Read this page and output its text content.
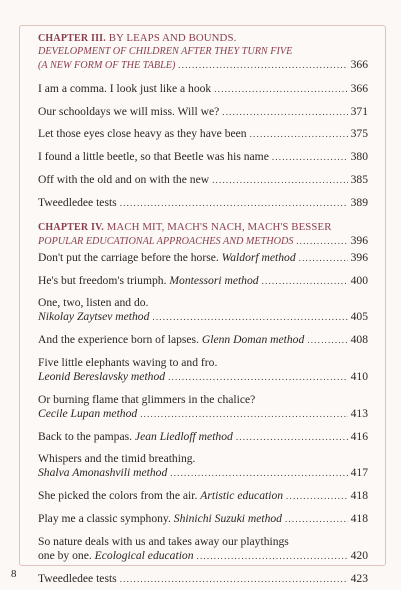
CHAPTER III. BY LEAPS AND BOUNDS.
DEVELOPMENT OF CHILDREN AFTER THEY TURN FIVE
(A NEW FORM OF THE TABLE) .....	366
I am a comma. I look just like a hook .....	366
Our schooldays we will miss. Will we? .....	371
Let those eyes close heavy as they have been .....	375
I found a little beetle, so that Beetle was his name .....	380
Off with the old and on with the new .....	385
Tweedledee tests .....	389
CHAPTER IV. MACH MIT, MACH'S NACH, MACH'S BESSER
POPULAR EDUCATIONAL APPROACHES AND METHODS .....	396
Don't put the carriage before the horse. Waldorf method .....	396
He's but freedom's triumph. Montessori method .....	400
One, two, listen and do.
Nikolay Zaytsev method .....	405
And the experience born of lapses. Glenn Doman method .....	408
Five little elephants waving to and fro.
Leonid Bereslavsky method .....	410
Or burning flame that glimmers in the chalice?
Cecile Lupan method .....	413
Back to the pampas. Jean Liedloff method .....	416
Whispers and the timid breathing.
Shalva Amonashvili method .....	417
She picked the colors from the air. Artistic education .....	418
Play me a classic symphony. Shinichi Suzuki method .....	418
So nature deals with us and takes away our playthings
one by one. Ecological education .....	420
Tweedledee tests .....	423
8
